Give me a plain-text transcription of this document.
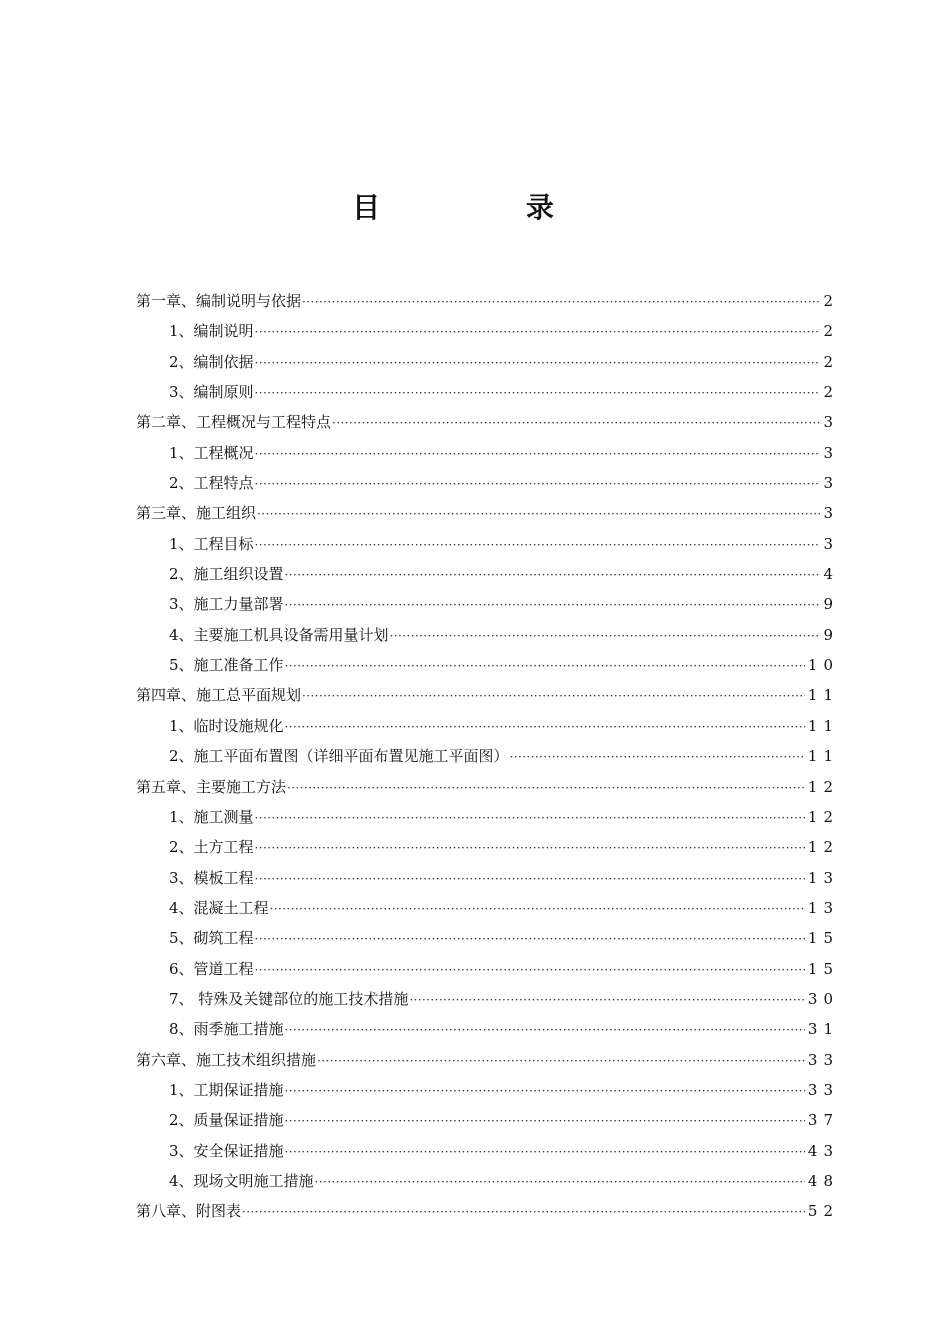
目 录
第一章、编制说明与依据 ·····	2
1、编制说明 ·····	2
2、编制依据 ·····	2
3、编制原则 ·····	2
第二章、工程概况与工程特点 ·····	3
1、工程概况 ·····	3
2、工程特点 ·····	3
第三章、施工组织 ·····	3
1、工程目标 ·····	3
2、施工组织设置 ·····	4
3、施工力量部署 ·····	9
4、主要施工机具设备需用量计划 ·····	9
5、施工准备工作 ·····	10
第四章、施工总平面规划 ·····	11
1、临时设施规化 ·····	11
2、施工平面布置图（详细平面布置见施工平面图） ·····	11
第五章、主要施工方法 ·····	12
1、施工测量 ·····	12
2、土方工程 ·····	12
3、模板工程 ·····	13
4、混凝土工程 ·····	13
5、砌筑工程 ·····	15
6、管道工程 ·····	15
7、 特殊及关键部位的施工技术措施 ·····	30
8、雨季施工措施 ·····	31
第六章、施工技术组织措施 ·····	33
1、工期保证措施 ·····	33
2、质量保证措施 ·····	37
3、安全保证措施 ·····	43
4、现场文明施工措施 ·····	48
第八章、附图表 ·····	52
